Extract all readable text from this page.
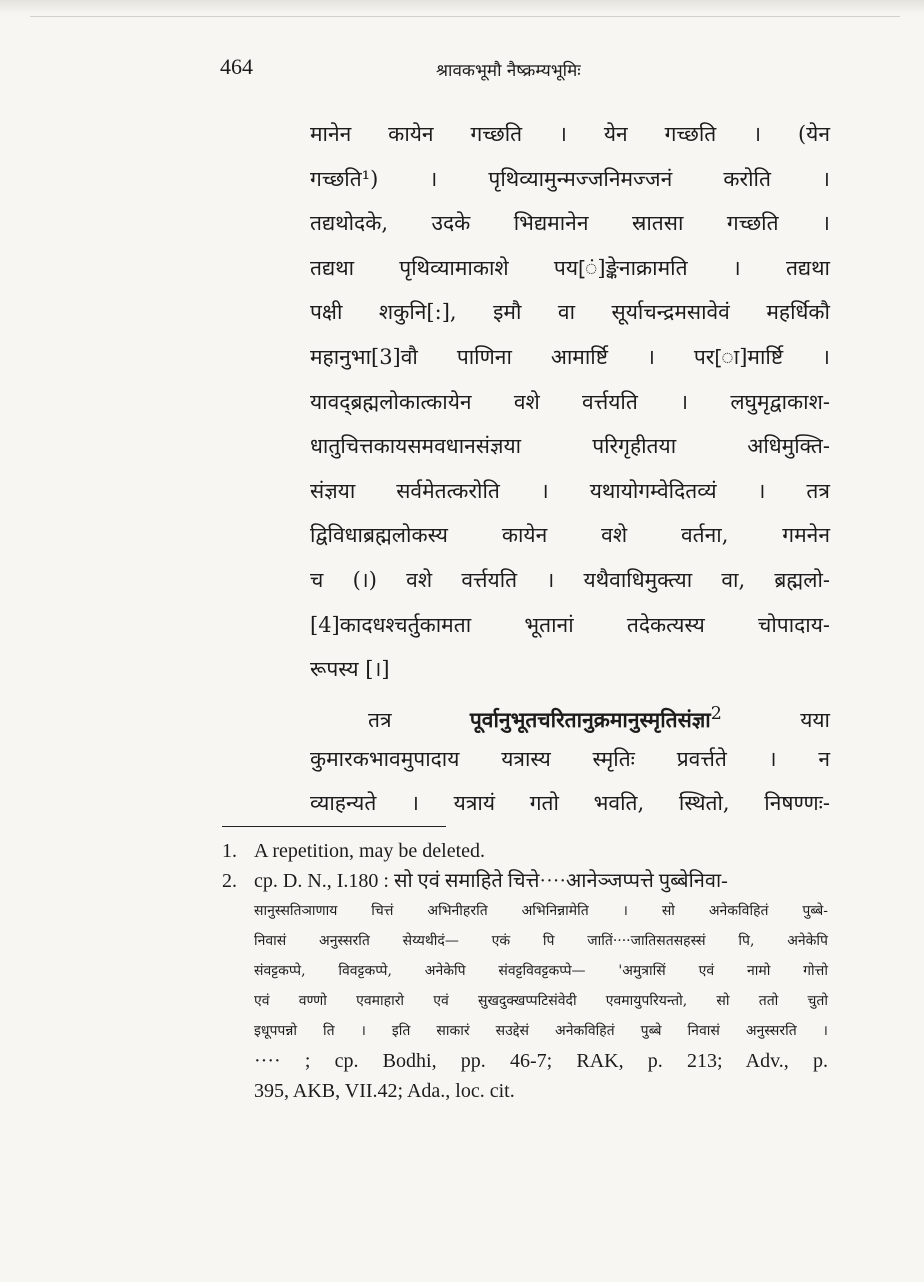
464	श्रावकभूमौ नैष्क्रम्यभूमिः
मानेन कायेन गच्छति । येन गच्छति । (येन
गच्छति¹) । पृथिव्यामुन्मज्जनिमज्जनं करोति ।
तद्यथोदके, उदके भिद्यमानेन स्रातसा गच्छति ।
तद्यथा पृथिव्यामाकाशे पय[ं]ङ्केनाक्रामति । तद्यथा
पक्षी शकुनि[:], इमौ वा सूर्याचन्द्रमसावेवं महर्धिकौ
महानुभा[3]वौ पाणिना आमार्ष्टि । पर[ा]मार्ष्टि ।
यावद्ब्रह्मलोकात्कायेन वशे वर्त्तयति । लघुमृद्वाकाश-
धातुचित्तकायसमवधानसंज्ञया परिगृहीतया अधिमुक्ति-
संज्ञया सर्वमेतत्करोति । यथायोगम्वेदितव्यं । तत्र
द्विविधाब्रह्मलोकस्य कायेन वशे वर्तना, गमनेन
च (।) वशे वर्त्तयति । यथैवाधिमुक्त्या वा, ब्रह्मलो-
[4]कादधश्चर्तुकामता भूतानां तदेकत्यस्य चोपादाय-
रूपस्य [।]
तत्र पूर्वानुभूतचरितानुक्रमानुस्मृतिसंज्ञा$^2$ यया
कुमारकभावमुपादाय यत्रास्य स्मृतिः प्रवर्त्तते । न
व्याहन्यते । यत्रायं गतो भवति, स्थितो, निषण्णः-
1. A repetition, may be deleted.
2. cp. D. N., I.180 : सो एवं समाहिते चित्ते····आनेञ्जप्पत्ते पुब्बेनिवा-
सानुस्सतिञाणाय चित्तं अभिनीहरति अभिनिन्नामेति । सो अनेकविहितं पुब्बे-
निवासं अनुस्सरति सेय्यथीदं— एकं पि जातिं····जातिसतसहस्सं पि, अनेकेपि
संवट्टकप्पे, विवट्टकप्पे, अनेकेपि संवट्टविवट्टकप्पे— 'अमुत्रासिं एवं नामो गोत्तो
एवं वण्णो एवमाहारो एवं सुखदुक्खप्पटिसंवेदी एवमायुपरियन्तो, सो ततो चुतो
इधूपपन्नो ति । इति साकारं सउद्देसं अनेकविहितं पुब्बे निवासं अनुस्सरति ।
···· ; cp. Bodhi, pp. 46-7; RAK, p. 213; Adv., p.
395, AKB, VII.42; Ada., loc. cit.
